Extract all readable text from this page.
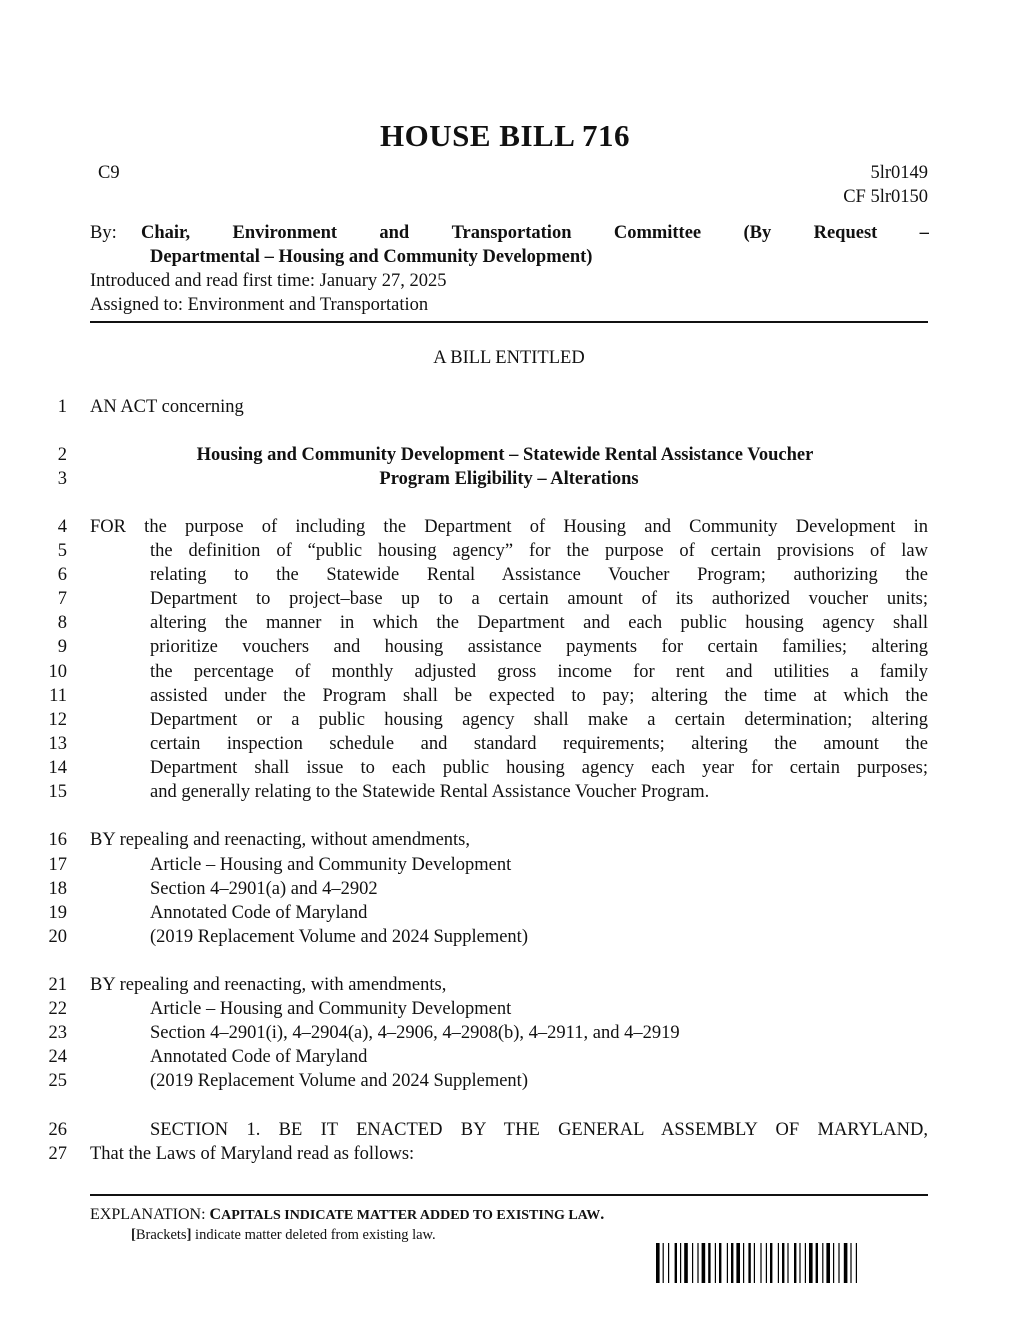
HOUSE BILL 716
C9	5lr0149
CF 5lr0150
By: Chair, Environment and Transportation Committee (By Request –
Departmental – Housing and Community Development)
Introduced and read first time: January 27, 2025
Assigned to: Environment and Transportation
A BILL ENTITLED
1
2
3
4
5
6
7
8
9
10
11
12
13
14
15
16
17
18
19
20
21
22
23
24
25
26
27
AN ACT concerning
Housing and Community Development – Statewide Rental Assistance Voucher
Program Eligibility – Alterations
FOR the purpose of including the Department of Housing and Community Development in
the definition of “public housing agency” for the purpose of certain provisions of law
relating to the Statewide Rental Assistance Voucher Program; authorizing the
Department to project–base up to a certain amount of its authorized voucher units;
altering the manner in which the Department and each public housing agency shall
prioritize vouchers and housing assistance payments for certain families; altering
the percentage of monthly adjusted gross income for rent and utilities a family
assisted under the Program shall be expected to pay; altering the time at which the
Department or a public housing agency shall make a certain determination; altering
certain inspection schedule and standard requirements; altering the amount the
Department shall issue to each public housing agency each year for certain purposes;
and generally relating to the Statewide Rental Assistance Voucher Program.
BY repealing and reenacting, without amendments,
Article – Housing and Community Development
Section 4–2901(a) and 4–2902
Annotated Code of Maryland
(2019 Replacement Volume and 2024 Supplement)
BY repealing and reenacting, with amendments,
Article – Housing and Community Development
Section 4–2901(i), 4–2904(a), 4–2906, 4–2908(b), 4–2911, and 4–2919
Annotated Code of Maryland
(2019 Replacement Volume and 2024 Supplement)
SECTION 1. BE IT ENACTED BY THE GENERAL ASSEMBLY OF MARYLAND,
That the Laws of Maryland read as follows:
EXPLANATION: CAPITALS INDICATE MATTER ADDED TO EXISTING LAW.
[Brackets] indicate matter deleted from existing law.
